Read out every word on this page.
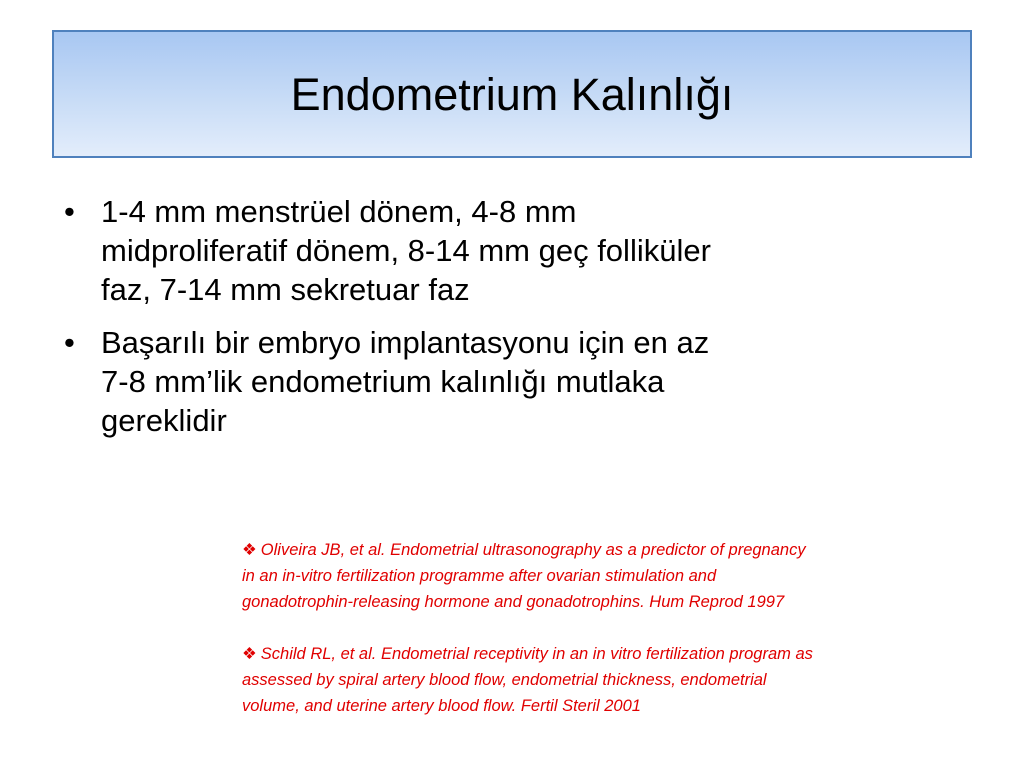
Endometrium Kalınlığı
• 1-4 mm menstrüel dönem, 4-8 mm
midproliferatif dönem, 8-14 mm geç folliküler
faz, 7-14 mm sekretuar faz
• Başarılı bir embryo implantasyonu için en az
7-8 mm’lik endometrium kalınlığı mutlaka
gereklidir

❖ Oliveira JB, et al. Endometrial ultrasonography as a predictor of pregnancy
in an in-vitro fertilization programme after ovarian stimulation and
gonadotrophin-releasing hormone and gonadotrophins. Hum Reprod 1997

❖ Schild RL, et al. Endometrial receptivity in an in vitro fertilization program as
assessed by spiral artery blood flow, endometrial thickness, endometrial
volume, and uterine artery blood flow. Fertil Steril 2001
